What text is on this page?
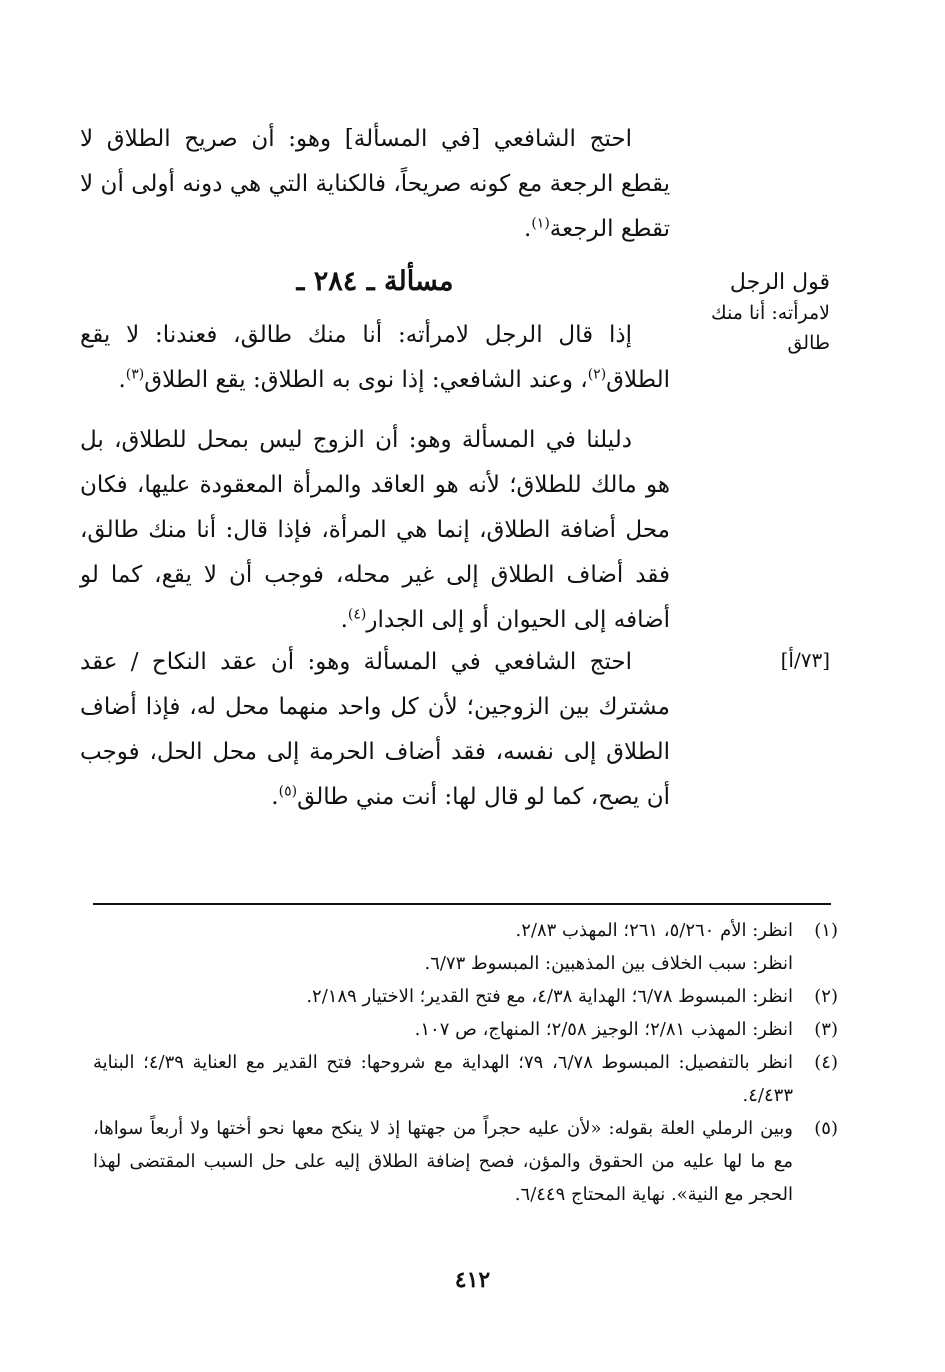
احتج الشافعي [في المسألة] وهو: أن صريح الطلاق لا يقطع الرجعة مع كونه صريحاً، فالكناية التي هي دونه أولى أن لا تقطع الرجعة$^{(١)}$.

قول الرجل
لامرأته: أنا منك
طالق
مسألة ـ ٢٨٤ ـ

إذا قال الرجل لامرأته: أنا منك طالق، فعندنا: لا يقع الطلاق$^{(٢)}$، وعند الشافعي: إذا نوى به الطلاق: يقع الطلاق$^{(٣)}$.

دليلنا في المسألة وهو: أن الزوج ليس بمحل للطلاق، بل هو مالك للطلاق؛ لأنه هو العاقد والمرأة المعقودة عليها، فكان محل أضافة الطلاق، إنما هي المرأة، فإذا قال: أنا منك طالق، فقد أضاف الطلاق إلى غير محله، فوجب أن لا يقع، كما لو أضافه إلى الحيوان أو إلى الجدار$^{(٤)}$.

[٧٣/أ]

احتج الشافعي في المسألة وهو: أن عقد النكاح / عقد مشترك بين الزوجين؛ لأن كل واحد منهما محل له، فإذا أضاف الطلاق إلى نفسه، فقد أضاف الحرمة إلى محل الحل، فوجب أن يصح، كما لو قال لها: أنت مني طالق$^{(٥)}$.

(١)
انظر: الأم ٥/٢٦٠، ٢٦١؛ المهذب ٢/٨٣.
انظر: سبب الخلاف بين المذهبين: المبسوط ٦/٧٣.
(٢)
انظر: المبسوط ٦/٧٨؛ الهداية ٤/٣٨، مع فتح القدير؛ الاختيار ٢/١٨٩.
(٣)
انظر: المهذب ٢/٨١؛ الوجيز ٢/٥٨؛ المنهاج، ص ١٠٧.
(٤)
انظر بالتفصيل: المبسوط ٦/٧٨، ٧٩؛ الهداية مع شروحها: فتح القدير مع العناية ٤/٣٩؛ البناية ٤/٤٣٣.
(٥)
وبين الرملي العلة بقوله: «لأن عليه حجراً من جهتها إذ لا ينكح معها نحو أختها ولا أربعاً سواها، مع ما لها عليه من الحقوق والمؤن، فصح إضافة الطلاق إليه على حل السبب المقتضى لهذا الحجر مع النية». نهاية المحتاج ٦/٤٤٩.
٤١٢
